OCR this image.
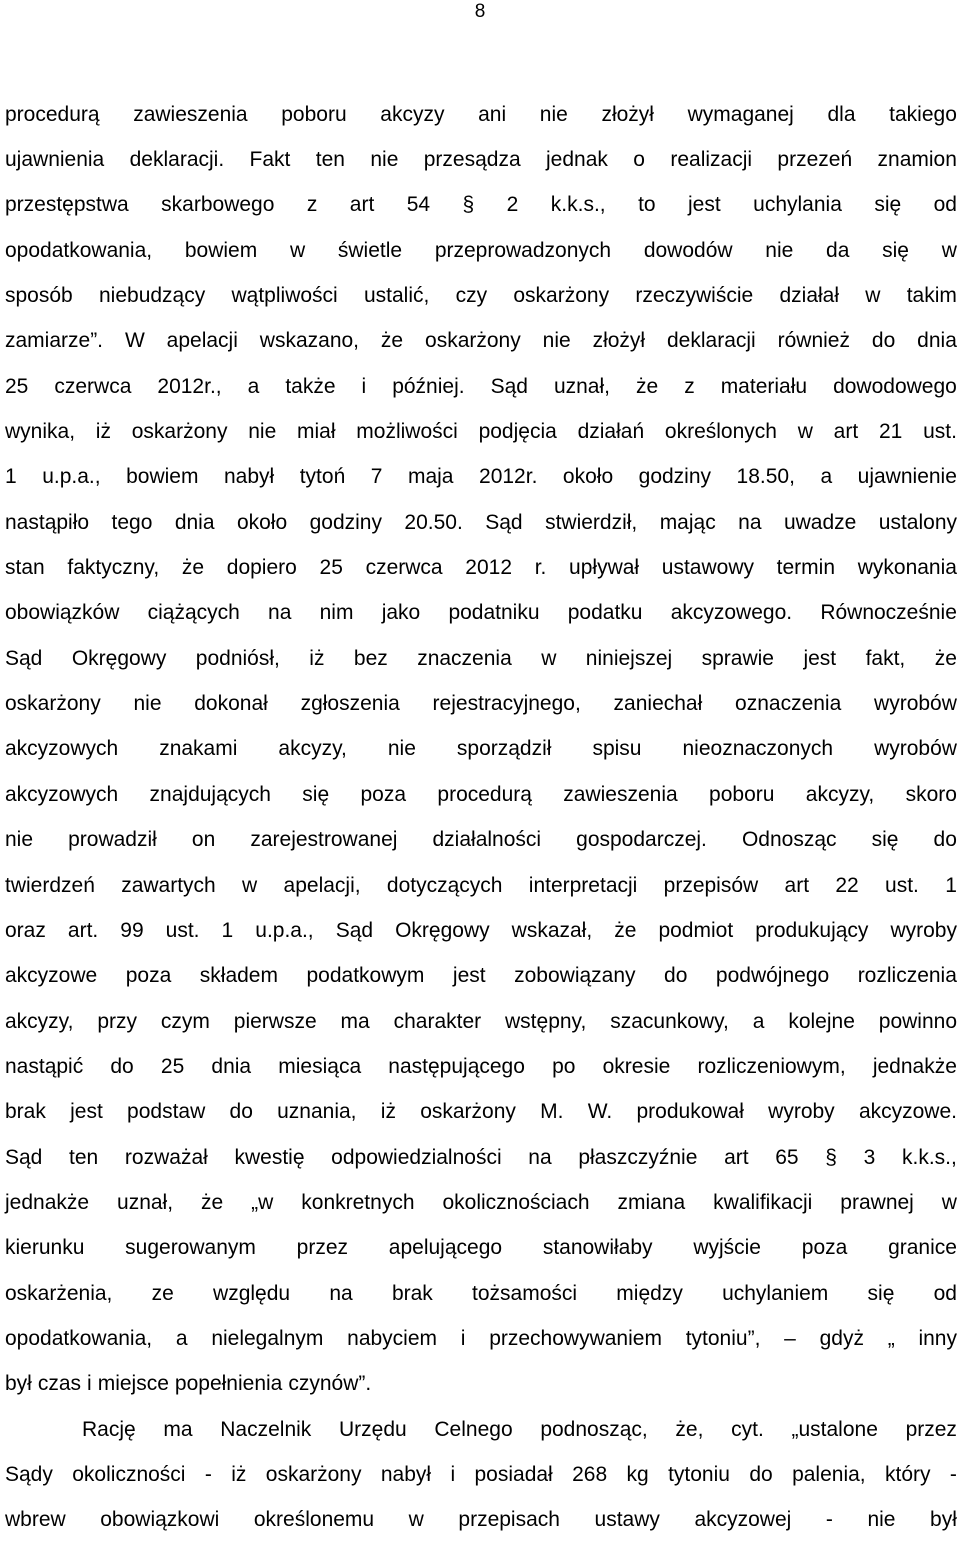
8
procedurą zawieszenia poboru akcyzy ani nie złożył wymaganej dla takiego
ujawnienia deklaracji. Fakt ten nie przesądza jednak o realizacji przezeń znamion
przestępstwa skarbowego z art 54 § 2 k.k.s., to jest uchylania się od
opodatkowania, bowiem w świetle przeprowadzonych dowodów nie da się w
sposób niebudzący wątpliwości ustalić, czy oskarżony rzeczywiście działał w takim
zamiarze”. W apelacji wskazano, że oskarżony nie złożył deklaracji również do dnia
25 czerwca 2012r., a także i później. Sąd uznał, że z materiału dowodowego
wynika, iż oskarżony nie miał możliwości podjęcia działań określonych w art 21 ust.
1 u.p.a., bowiem nabył tytoń 7 maja 2012r. około godziny 18.50, a ujawnienie
nastąpiło tego dnia około godziny 20.50. Sąd stwierdził, mając na uwadze ustalony
stan faktyczny, że dopiero 25 czerwca 2012 r. upływał ustawowy termin wykonania
obowiązków ciążących na nim jako podatniku podatku akcyzowego. Równocześnie
Sąd Okręgowy podniósł, iż bez znaczenia w niniejszej sprawie jest fakt, że
oskarżony nie dokonał zgłoszenia rejestracyjnego, zaniechał oznaczenia wyrobów
akcyzowych znakami akcyzy, nie sporządził spisu nieoznaczonych wyrobów
akcyzowych znajdujących się poza procedurą zawieszenia poboru akcyzy, skoro
nie prowadził on zarejestrowanej działalności gospodarczej. Odnosząc się do
twierdzeń zawartych w apelacji, dotyczących interpretacji przepisów art 22 ust. 1
oraz art. 99 ust. 1 u.p.a., Sąd Okręgowy wskazał, że podmiot produkujący wyroby
akcyzowe poza składem podatkowym jest zobowiązany do podwójnego rozliczenia
akcyzy, przy czym pierwsze ma charakter wstępny, szacunkowy, a kolejne powinno
nastąpić do 25 dnia miesiąca następującego po okresie rozliczeniowym, jednakże
brak jest podstaw do uznania, iż oskarżony M. W. produkował wyroby akcyzowe.
Sąd ten rozważał kwestię odpowiedzialności na płaszczyźnie art 65 § 3 k.k.s.,
jednakże uznał, że „w konkretnych okolicznościach zmiana kwalifikacji prawnej w
kierunku sugerowanym przez apelującego stanowiłaby wyjście poza granice
oskarżenia, ze względu na brak tożsamości między uchylaniem się od
opodatkowania, a nielegalnym nabyciem i przechowywaniem tytoniu”, – gdyż „ inny
był czas i miejsce popełnienia czynów”.
Rację ma Naczelnik Urzędu Celnego podnosząc, że, cyt. „ustalone przez
Sądy okoliczności - iż oskarżony nabył i posiadał 268 kg tytoniu do palenia, który -
wbrew obowiązkowi określonemu w przepisach ustawy akcyzowej - nie był
